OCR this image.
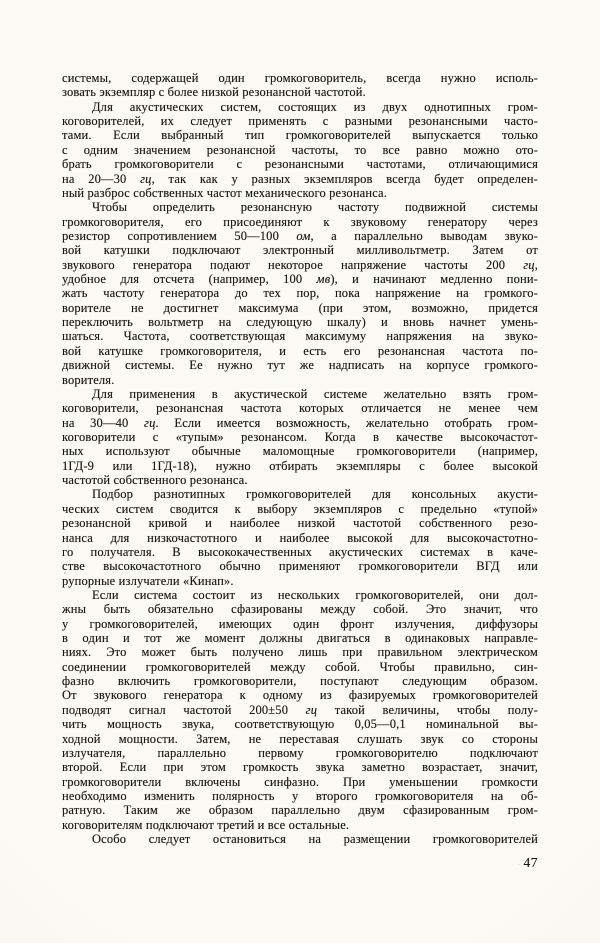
системы, содержащей один громкоговоритель, всегда нужно исполь-
зовать экземпляр с более низкой резонансной частотой.
Для акустических систем, состоящих из двух однотипных гром-
коговорителей, их следует применять с разными резонансными часто-
тами. Если выбранный тип громкоговорителей выпускается только
с одним значением резонансной частоты, то все равно можно ото-
брать громкоговорители с резонансными частотами, отличающимися
на 20—30 гц, так как у разных экземпляров всегда будет определен-
ный разброс собственных частот механического резонанса.
Чтобы определить резонансную частоту подвижной системы
громкоговорителя, его присоединяют к звуковому генератору через
резистор сопротивлением 50—100 ом, а параллельно выводам звуко-
вой катушки подключают электронный милливольтметр. Затем от
звукового генератора подают некоторое напряжение частоты 200 гц,
удобное для отсчета (например, 100 мв), и начинают медленно пони-
жать частоту генератора до тех пор, пока напряжение на громкого-
ворителе не достигнет максимума (при этом, возможно, придется
переключить вольтметр на следующую шкалу) и вновь начнет умень-
шаться. Частота, соответствующая максимуму напряжения на звуко-
вой катушке громкоговорителя, и есть его резонансная частота по-
движной системы. Ее нужно тут же надписать на корпусе громкого-
ворителя.
Для применения в акустической системе желательно взять гром-
коговорители, резонансная частота которых отличается не менее чем
на 30—40 гц. Если имеется возможность, желательно отобрать гром-
коговорители с «тупым» резонансом. Когда в качестве высокочастот-
ных используют обычные маломощные громкоговорители (например,
1ГД-9 или 1ГД-18), нужно отбирать экземпляры с более высокой
частотой собственного резонанса.
Подбор разнотипных громкоговорителей для консольных акусти-
ческих систем сводится к выбору экземпляров с предельно «тупой»
резонансной кривой и наиболее низкой частотой собственного резо-
нанса для низкочастотного и наиболее высокой для высокочастотно-
го получателя. В высококачественных акустических системах в каче-
стве высокочастотного обычно применяют громкоговорители ВГД или
рупорные излучатели «Кинап».
Если система состоит из нескольких громкоговорителей, они дол-
жны быть обязательно сфазированы между собой. Это значит, что
у громкоговорителей, имеющих один фронт излучения, диффузоры
в один и тот же момент должны двигаться в одинаковых направле-
ниях. Это может быть получено лишь при правильном электрическом
соединении громкоговорителей между собой. Чтобы правильно, син-
фазно включить громкоговорители, поступают следующим образом.
От звукового генератора к одному из фазируемых громкоговорителей
подводят сигнал частотой 200±50 гц такой величины, чтобы полу-
чить мощность звука, соответствующую 0,05—0,1 номинальной вы-
ходной мощности. Затем, не переставая слушать звук со стороны
излучателя, параллельно первому громкоговорителю подключают
второй. Если при этом громкость звука заметно возрастает, значит,
громкоговорители включены синфазно. При уменьшении громкости
необходимо изменить полярность у второго громкоговорителя на об-
ратную. Таким же образом параллельно двум сфазированным гром-
коговорителям подключают третий и все остальные.
Особо следует остановиться на размещении громкоговорителей
47
